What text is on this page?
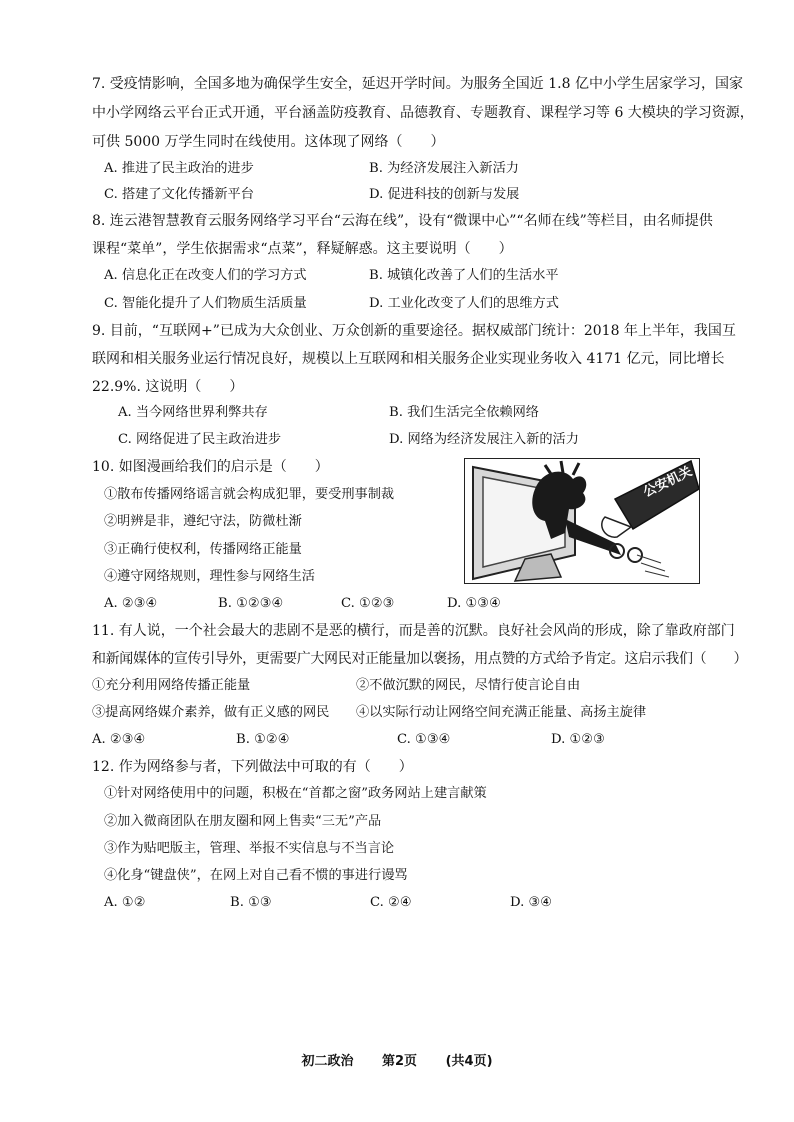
7. 受疫情影响，全国多地为确保学生安全，延迟开学时间。为服务全国近 1.8 亿中小学生居家学习，国家
中小学网络云平台正式开通，平台涵盖防疫教育、品德教育、专题教育、课程学习等 6 大模块的学习资源，
可供 5000 万学生同时在线使用。这体现了网络（　　）
A. 推进了民主政治的进步	B. 为经济发展注入新活力
C. 搭建了文化传播新平台	D. 促进科技的创新与发展
8. 连云港智慧教育云服务网络学习平台“云海在线”，设有“微课中心”“名师在线”等栏目，由名师提供
课程“菜单”，学生依据需求“点菜”，释疑解惑。这主要说明（　　）
A. 信息化正在改变人们的学习方式	B. 城镇化改善了人们的生活水平
C. 智能化提升了人们物质生活质量	D. 工业化改变了人们的思维方式
9. 目前，“互联网+”已成为大众创业、万众创新的重要途径。据权威部门统计：2018 年上半年，我国互
联网和相关服务业运行情况良好，规模以上互联网和相关服务企业实现业务收入 4171 亿元，同比增长
22.9%. 这说明（　　）
A. 当今网络世界利弊共存	B. 我们生活完全依赖网络
C. 网络促进了民主政治进步	D. 网络为经济发展注入新的活力
10. 如图漫画给我们的启示是（　　）
①散布传播网络谣言就会构成犯罪，要受刑事制裁
②明辨是非，遵纪守法，防微杜渐
③正确行使权利，传播网络正能量
④遵守网络规则，理性参与网络生活
A. ②③④	B. ①②③④	C. ①②③	D. ①③④
公安机关
11. 有人说，一个社会最大的悲剧不是恶的横行，而是善的沉默。良好社会风尚的形成，除了靠政府部门
和新闻媒体的宣传引导外，更需要广大网民对正能量加以褒扬，用点赞的方式给予肯定。这启示我们（　　）
①充分利用网络传播正能量	②不做沉默的网民，尽情行使言论自由
③提高网络媒介素养，做有正义感的网民 ④以实际行动让网络空间充满正能量、高扬主旋律
A. ②③④	B. ①②④	C. ①③④	D. ①②③
12. 作为网络参与者，下列做法中可取的有（　　）
①针对网络使用中的问题，积极在“首都之窗”政务网站上建言献策
②加入微商团队在朋友圈和网上售卖“三无”产品
③作为贴吧版主，管理、举报不实信息与不当言论
④化身“键盘侠”，在网上对自己看不惯的事进行谩骂
A. ①②	B. ①③	C. ②④	D. ③④
初二政治 第2页 (共4页)
